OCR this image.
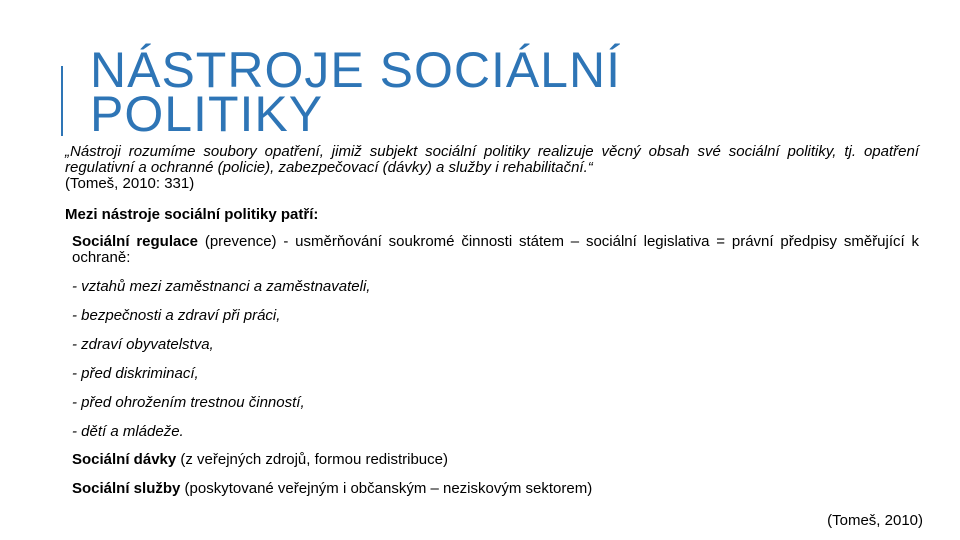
NÁSTROJE SOCIÁLNÍ
POLITIKY

„Nástroji rozumíme soubory opatření, jimiž subjekt sociální politiky realizuje věcný obsah své sociální politiky, tj. opatření regulativní a ochranné (policie), zabezpečovací (dávky) a služby i rehabilitační.“
(Tomeš, 2010: 331)

Mezi nástroje sociální politiky patří:

Sociální regulace (prevence) - usměrňování soukromé činnosti státem – sociální legislativa = právní předpisy směřující k ochraně:

- vztahů mezi zaměstnanci a zaměstnavateli,

- bezpečnosti a zdraví při práci,

- zdraví obyvatelstva,

- před diskriminací,

- před ohrožením trestnou činností,

- dětí a mládeže.

Sociální dávky (z veřejných zdrojů, formou redistribuce)

Sociální služby (poskytované veřejným i občanským – neziskovým sektorem)

(Tomeš, 2010)
